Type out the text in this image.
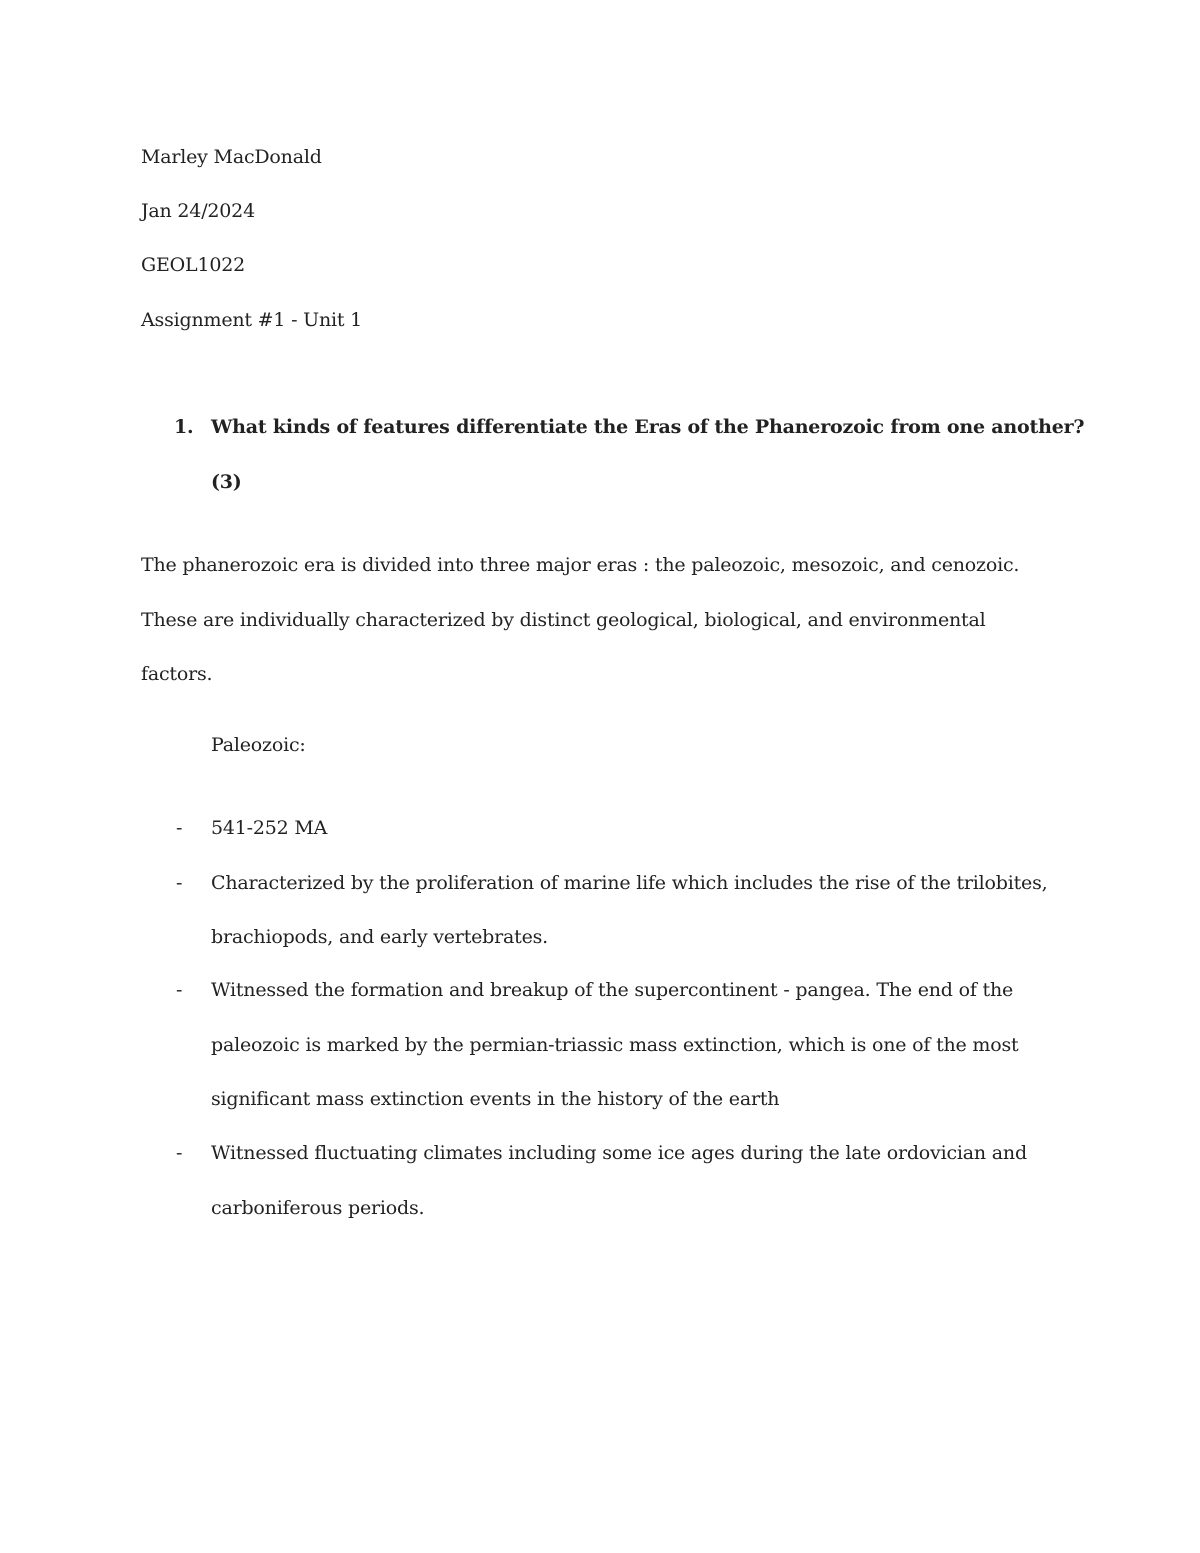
Marley MacDonald
Jan 24/2024
GEOL1022
Assignment #1 - Unit 1
1. What kinds of features differentiate the Eras of the Phanerozoic from one another?
(3)
The phanerozoic era is divided into three major eras : the paleozoic, mesozoic, and cenozoic.
These are individually characterized by distinct geological, biological, and environmental
factors.
Paleozoic:
- 541-252 MA
- Characterized by the proliferation of marine life which includes the rise of the trilobites,
brachiopods, and early vertebrates.
- Witnessed the formation and breakup of the supercontinent - pangea. The end of the
paleozoic is marked by the permian-triassic mass extinction, which is one of the most
significant mass extinction events in the history of the earth
- Witnessed fluctuating climates including some ice ages during the late ordovician and
carboniferous periods.
